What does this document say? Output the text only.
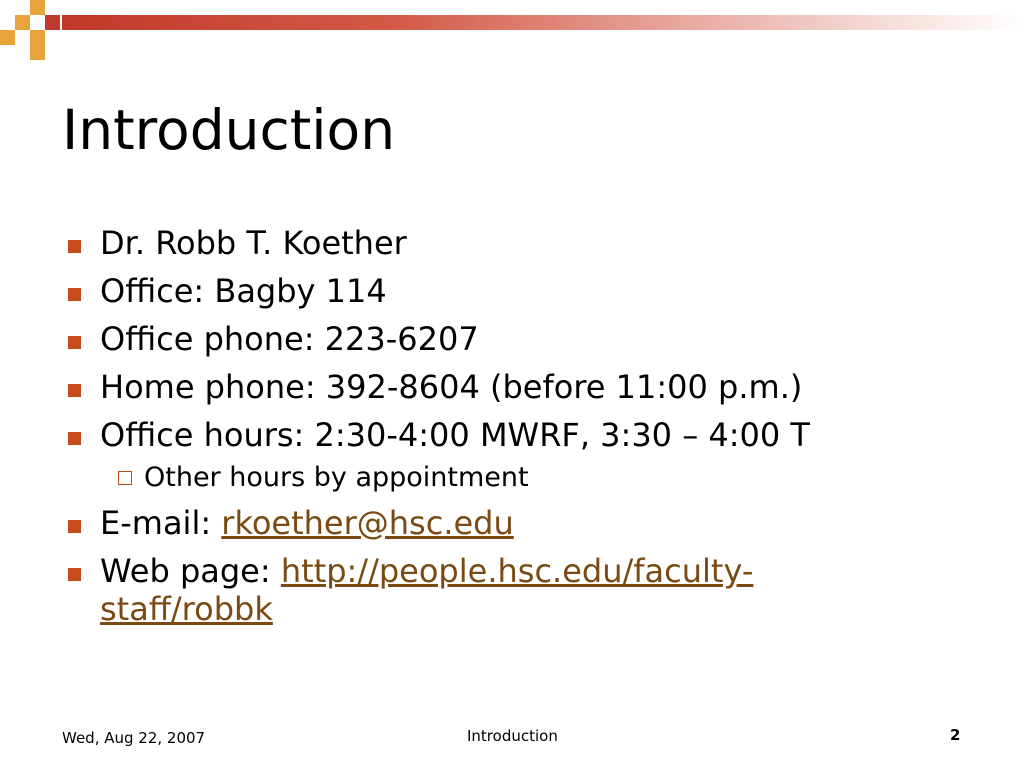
Introduction
Dr. Robb T. Koether
Office: Bagby 114
Office phone: 223-6207
Home phone: 392-8604 (before 11:00 p.m.)
Office hours: 2:30-4:00 MWRF, 3:30 – 4:00 T
Other hours by appointment
E-mail: rkoether@hsc.edu
Web page: http://people.hsc.edu/faculty-staff/robbk
Wed, Aug 22, 2007	Introduction	2
